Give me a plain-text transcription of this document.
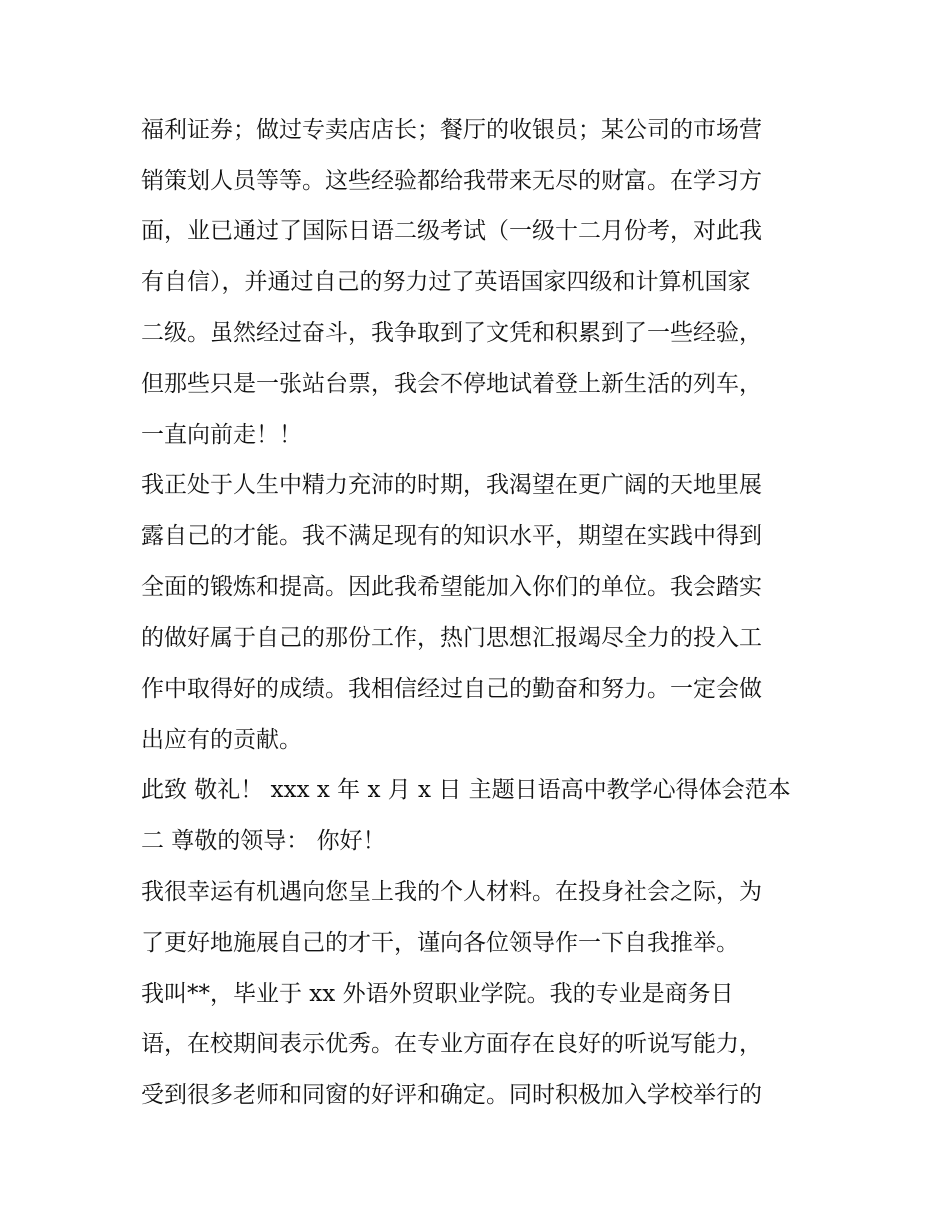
福利证券；做过专卖店店长；餐厅的收银员；某公司的市场营
销策划人员等等。这些经验都给我带来无尽的财富。在学习方
面，业已通过了国际日语二级考试（一级十二月份考，对此我
有自信），并通过自己的努力过了英语国家四级和计算机国家
二级。虽然经过奋斗，我争取到了文凭和积累到了一些经验，
但那些只是一张站台票，我会不停地试着登上新生活的列车，
一直向前走！！
我正处于人生中精力充沛的时期，我渴望在更广阔的天地里展
露自己的才能。我不满足现有的知识水平，期望在实践中得到
全面的锻炼和提高。因此我希望能加入你们的单位。我会踏实
的做好属于自己的那份工作，热门思想汇报竭尽全力的投入工
作中取得好的成绩。我相信经过自己的勤奋和努力。一定会做
出应有的贡献。
此致 敬礼！ xxx x 年 x 月 x 日 主题日语高中教学心得体会范本
二 尊敬的领导： 你好！
我很幸运有机遇向您呈上我的个人材料。在投身社会之际，为
了更好地施展自己的才干，谨向各位领导作一下自我推举。
我叫**，毕业于 xx 外语外贸职业学院。我的专业是商务日
语，在校期间表示优秀。在专业方面存在良好的听说写能力，
受到很多老师和同窗的好评和确定。同时积极加入学校举行的
